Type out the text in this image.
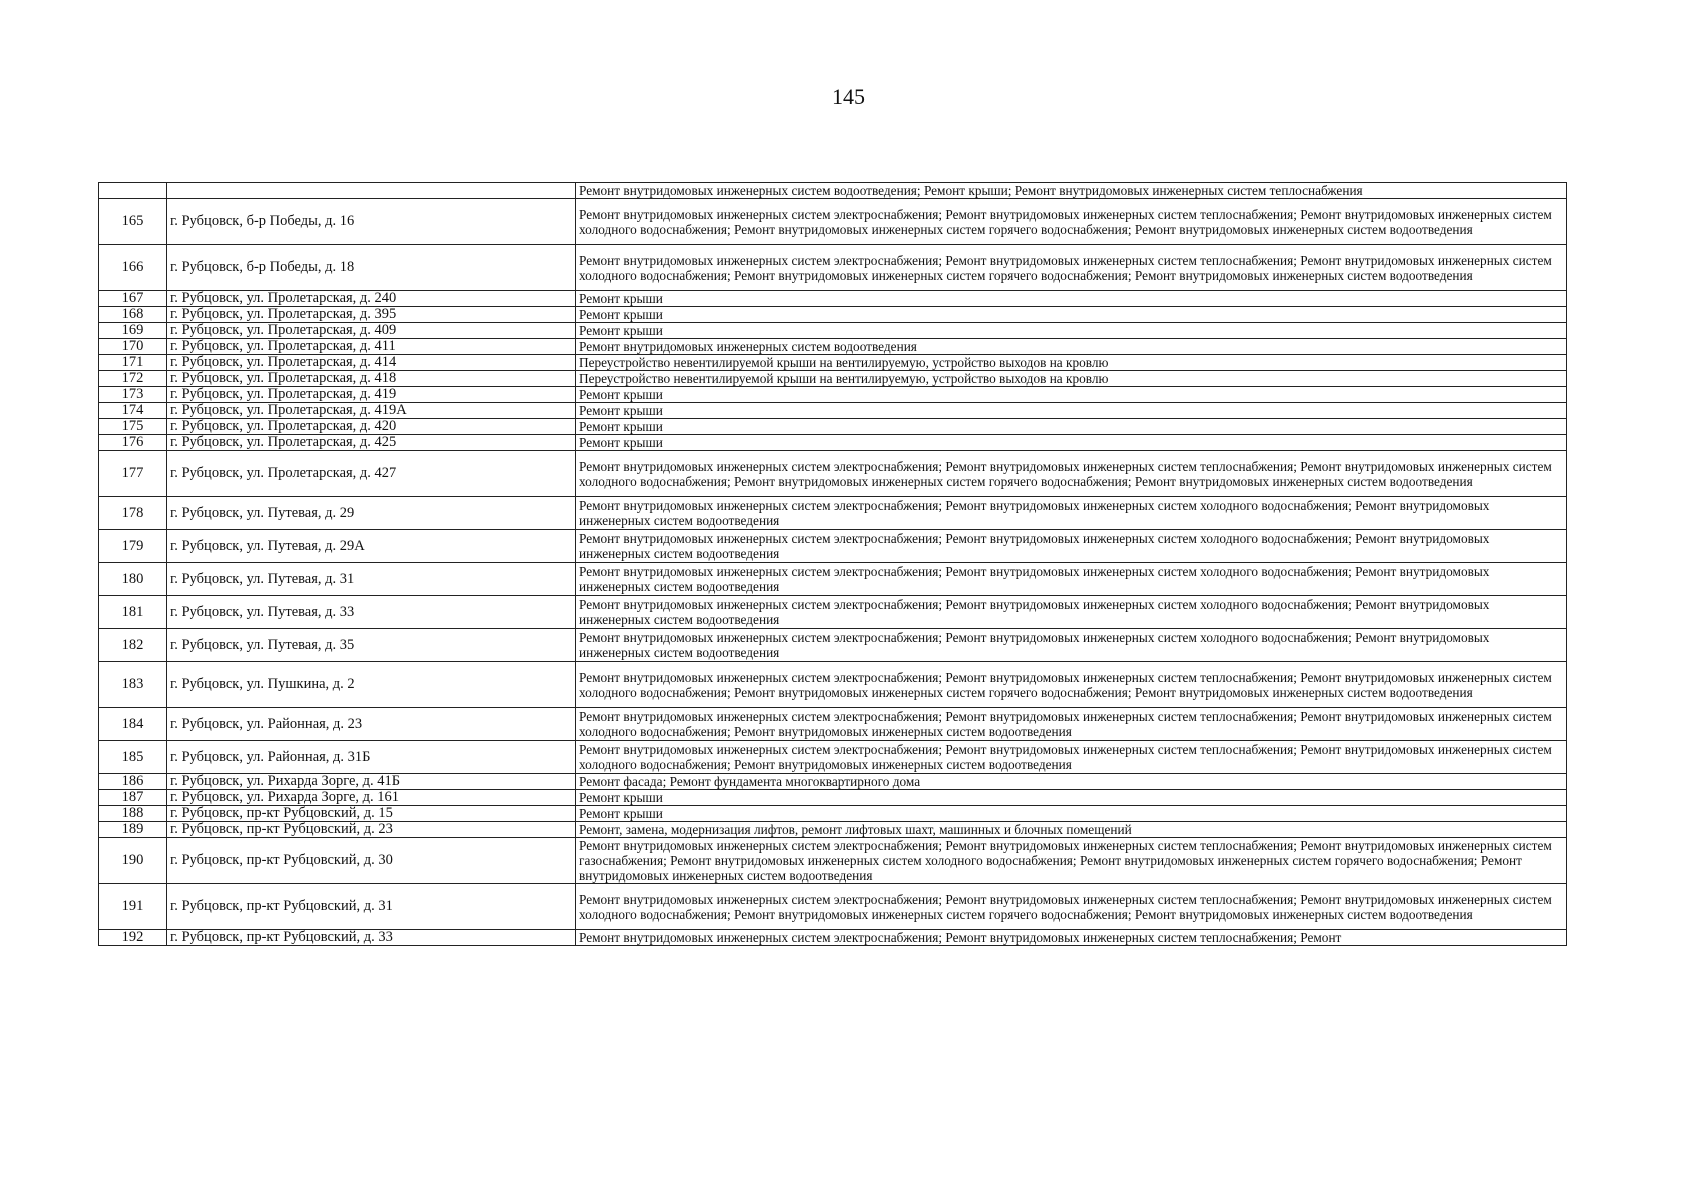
145
		Ремонт внутридомовых инженерных систем водоотведения; Ремонт крыши; Ремонт внутридомовых инженерных систем теплоснабжения
165	г. Рубцовск, б-р Победы, д. 16	Ремонт внутридомовых инженерных систем электроснабжения; Ремонт внутридомовых инженерных систем теплоснабжения; Ремонт внутридомовых инженерных систем холодного водоснабжения; Ремонт внутридомовых инженерных систем горячего водоснабжения; Ремонт внутридомовых инженерных систем водоотведения
166	г. Рубцовск, б-р Победы, д. 18	Ремонт внутридомовых инженерных систем электроснабжения; Ремонт внутридомовых инженерных систем теплоснабжения; Ремонт внутридомовых инженерных систем холодного водоснабжения; Ремонт внутридомовых инженерных систем горячего водоснабжения; Ремонт внутридомовых инженерных систем водоотведения
167	г. Рубцовск, ул. Пролетарская, д. 240	Ремонт крыши
168	г. Рубцовск, ул. Пролетарская, д. 395	Ремонт крыши
169	г. Рубцовск, ул. Пролетарская, д. 409	Ремонт крыши
170	г. Рубцовск, ул. Пролетарская, д. 411	Ремонт внутридомовых инженерных систем водоотведения
171	г. Рубцовск, ул. Пролетарская, д. 414	Переустройство невентилируемой крыши на вентилируемую, устройство выходов на кровлю
172	г. Рубцовск, ул. Пролетарская, д. 418	Переустройство невентилируемой крыши на вентилируемую, устройство выходов на кровлю
173	г. Рубцовск, ул. Пролетарская, д. 419	Ремонт крыши
174	г. Рубцовск, ул. Пролетарская, д. 419А	Ремонт крыши
175	г. Рубцовск, ул. Пролетарская, д. 420	Ремонт крыши
176	г. Рубцовск, ул. Пролетарская, д. 425	Ремонт крыши
177	г. Рубцовск, ул. Пролетарская, д. 427	Ремонт внутридомовых инженерных систем электроснабжения; Ремонт внутридомовых инженерных систем теплоснабжения; Ремонт внутридомовых инженерных систем холодного водоснабжения; Ремонт внутридомовых инженерных систем горячего водоснабжения; Ремонт внутридомовых инженерных систем водоотведения
178	г. Рубцовск, ул. Путевая, д. 29	Ремонт внутридомовых инженерных систем электроснабжения; Ремонт внутридомовых инженерных систем холодного водоснабжения; Ремонт внутридомовых инженерных систем водоотведения
179	г. Рубцовск, ул. Путевая, д. 29А	Ремонт внутридомовых инженерных систем электроснабжения; Ремонт внутридомовых инженерных систем холодного водоснабжения; Ремонт внутридомовых инженерных систем водоотведения
180	г. Рубцовск, ул. Путевая, д. 31	Ремонт внутридомовых инженерных систем электроснабжения; Ремонт внутридомовых инженерных систем холодного водоснабжения; Ремонт внутридомовых инженерных систем водоотведения
181	г. Рубцовск, ул. Путевая, д. 33	Ремонт внутридомовых инженерных систем электроснабжения; Ремонт внутридомовых инженерных систем холодного водоснабжения; Ремонт внутридомовых инженерных систем водоотведения
182	г. Рубцовск, ул. Путевая, д. 35	Ремонт внутридомовых инженерных систем электроснабжения; Ремонт внутридомовых инженерных систем холодного водоснабжения; Ремонт внутридомовых инженерных систем водоотведения
183	г. Рубцовск, ул. Пушкина, д. 2	Ремонт внутридомовых инженерных систем электроснабжения; Ремонт внутридомовых инженерных систем теплоснабжения; Ремонт внутридомовых инженерных систем холодного водоснабжения; Ремонт внутридомовых инженерных систем горячего водоснабжения; Ремонт внутридомовых инженерных систем водоотведения
184	г. Рубцовск, ул. Районная, д. 23	Ремонт внутридомовых инженерных систем электроснабжения; Ремонт внутридомовых инженерных систем теплоснабжения; Ремонт внутридомовых инженерных систем холодного водоснабжения; Ремонт внутридомовых инженерных систем водоотведения
185	г. Рубцовск, ул. Районная, д. 31Б	Ремонт внутридомовых инженерных систем электроснабжения; Ремонт внутридомовых инженерных систем теплоснабжения; Ремонт внутридомовых инженерных систем холодного водоснабжения; Ремонт внутридомовых инженерных систем водоотведения
186	г. Рубцовск, ул. Рихарда Зорге, д. 41Б	Ремонт фасада; Ремонт фундамента многоквартирного дома
187	г. Рубцовск, ул. Рихарда Зорге, д. 161	Ремонт крыши
188	г. Рубцовск, пр-кт Рубцовский, д. 15	Ремонт крыши
189	г. Рубцовск, пр-кт Рубцовский, д. 23	Ремонт, замена, модернизация лифтов, ремонт лифтовых шахт, машинных и блочных помещений
190	г. Рубцовск, пр-кт Рубцовский, д. 30	Ремонт внутридомовых инженерных систем электроснабжения; Ремонт внутридомовых инженерных систем теплоснабжения; Ремонт внутридомовых инженерных систем газоснабжения; Ремонт внутридомовых инженерных систем холодного водоснабжения; Ремонт внутридомовых инженерных систем горячего водоснабжения; Ремонт внутридомовых инженерных систем водоотведения
191	г. Рубцовск, пр-кт Рубцовский, д. 31	Ремонт внутридомовых инженерных систем электроснабжения; Ремонт внутридомовых инженерных систем теплоснабжения; Ремонт внутридомовых инженерных систем холодного водоснабжения; Ремонт внутридомовых инженерных систем горячего водоснабжения; Ремонт внутридомовых инженерных систем водоотведения
192	г. Рубцовск, пр-кт Рубцовский, д. 33	Ремонт внутридомовых инженерных систем электроснабжения; Ремонт внутридомовых инженерных систем теплоснабжения; Ремонт
